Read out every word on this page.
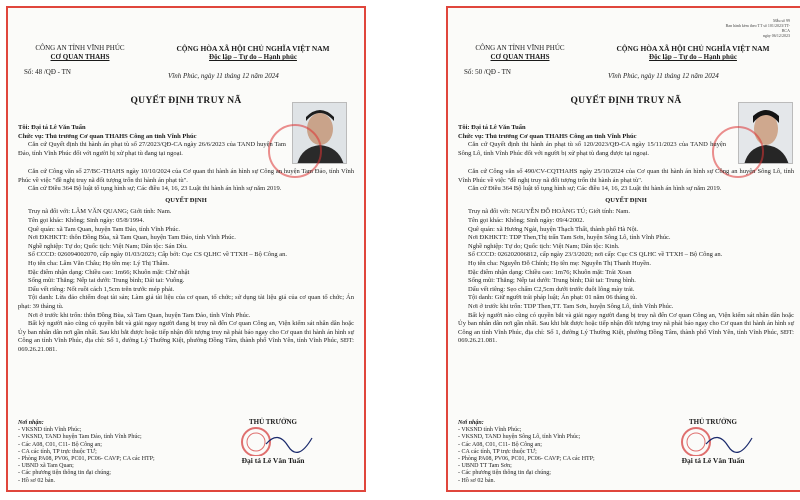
CÔNG AN TỈNH VĨNH PHÚC
CƠ QUAN THAHS
Số: 48 /QĐ - TN
CỘNG HÒA XÃ HỘI CHỦ NGHĨA VIỆT NAM
Độc lập – Tự do – Hạnh phúc
Vĩnh Phúc, ngày 11 tháng 12 năm 2024
QUYẾT ĐỊNH TRUY NÃ

Tôi: Đại tá Lê Văn Tuấn

Chức vụ: Thủ trưởng Cơ quan THAHS Công an tỉnh Vĩnh Phúc

Căn cứ Quyết định thi hành án phạt tù số 27/2023/QĐ-CA ngày 26/6/2023 của TAND huyện Tam Đảo, tỉnh Vĩnh Phúc đối với người bị xử phạt tù đang tại ngoại.

Căn cứ Công văn số 27/BC-THAHS ngày 10/10/2024 của Cơ quan thi hành án hình sự Công an huyện Tam Đảo, tỉnh Vĩnh Phúc về việc "đề nghị truy nã đối tượng trốn thi hành án phạt tù".

Căn cứ Điều 364 Bộ luật tố tụng hình sự; Các điều 14, 16, 23 Luật thi hành án hình sự năm 2019.

QUYẾT ĐỊNH

Truy nã đối với: LÂM VĂN QUANG; Giới tính: Nam.

Tên gọi khác: Không; Sinh ngày: 05/8/1994.

Quê quán: xã Tam Quan, huyện Tam Đảo, tỉnh Vĩnh Phúc.

Nơi ĐKHKTT: thôn Đồng Bùa, xã Tam Quan, huyện Tam Đảo, tỉnh Vĩnh Phúc.

Nghề nghiệp: Tự do; Quốc tịch: Việt Nam; Dân tộc: Sán Dìu.

Số CCCD: 026094002070, cấp ngày 01/03/2023; Cấp bởi: Cục CS QLHC về TTXH – Bộ Công an.

Họ tên cha: Lâm Văn Châu; Họ tên mẹ: Lý Thị Thâm.

Đặc điểm nhận dạng: Chiều cao: 1m66; Khuôn mặt: Chữ nhật

Sống mũi: Thẳng; Nếp tai dưới: Trung bình; Dái tai: Vuông.

Dấu vết riêng: Nốt ruồi cách 1,5cm trên trước mép phải.

Tội danh: Lừa đảo chiếm đoạt tài sản; Làm giả tài liệu của cơ quan, tổ chức; sử dụng tài liệu giả của cơ quan tổ chức; Án phạt: 39 tháng tù.

Nơi ở trước khi trốn: thôn Đồng Bùa, xã Tam Quan, huyện Tam Đảo, tỉnh Vĩnh Phúc.

Bất kỳ người nào cũng có quyền bắt và giải ngay người đang bị truy nã đến Cơ quan Công an, Viện kiểm sát nhân dân hoặc Ủy ban nhân dân nơi gần nhất. Sau khi bắt được hoặc tiếp nhận đối tượng truy nã phải báo ngay cho Cơ quan thi hành án hình sự Công an tỉnh Vĩnh Phúc, địa chỉ: Số 1, đường Lý Thường Kiệt, phường Đồng Tâm, thành phố Vĩnh Yên, tỉnh Vĩnh Phúc, SĐT: 069.26.21.081.

Nơi nhận:
- VKSND tỉnh Vĩnh Phúc;
- VKSND, TAND huyện Tam Đảo, tỉnh Vĩnh Phúc;
- Các A08, C01, C11- Bộ Công an;
- CA các tỉnh, TP trực thuộc TƯ;
- Phòng PA08, PV06, PC01, PC06- CAVP; CA các HTP;
- UBND xã Tam Quan;
- Các phương tiện thông tin đại chúng;
- Hồ sơ 02 bản.
THỦ TRƯỞNG
Đại tá Lê Văn Tuấn
Mẫu số 99
Ban hành kèm theo TT số 101/2023/TT-BCA
ngày 06/12/2023
CÔNG AN TỈNH VĨNH PHÚC
CƠ QUAN THAHS
Số: 50 /QĐ - TN
CỘNG HÒA XÃ HỘI CHỦ NGHĨA VIỆT NAM
Độc lập – Tự do – Hạnh phúc
Vĩnh Phúc, ngày 11 tháng 12 năm 2024
QUYẾT ĐỊNH TRUY NÃ

Tôi: Đại tá Lê Văn Tuấn

Chức vụ: Thủ trưởng Cơ quan THAHS Công an tỉnh Vĩnh Phúc

Căn cứ Quyết định thi hành án phạt tù số 120/2023/QĐ-CA ngày 15/11/2023 của TAND huyện Sông Lô, tỉnh Vĩnh Phúc đối với người bị xử phạt tù đang được tại ngoại.

Căn cứ Công văn số 490/CV-CQTHAHS ngày 25/10/2024 của Cơ quan thi hành án hình sự Công an huyện Sông Lô, tỉnh Vĩnh Phúc về việc "đề nghị truy nã đối tượng trốn thi hành án phạt tù".

Căn cứ Điều 364 Bộ luật tố tụng hình sự; Các điều 14, 16, 23 Luật thi hành án hình sự năm 2019.

QUYẾT ĐỊNH

Truy nã đối với: NGUYỄN ĐỖ HOÀNG TÚ; Giới tính: Nam.

Tên gọi khác: Không; Sinh ngày: 09/4/2002.

Quê quán: xã Hương Ngải, huyện Thạch Thất, thành phố Hà Nội.

Nơi ĐKHKTT: TDP Then,Thị trấn Tam Sơn, huyện Sông Lô, tỉnh Vĩnh Phúc.

Nghề nghiệp: Tự do; Quốc tịch: Việt Nam; Dân tộc: Kinh.

Số CCCD: 026202006812, cấp ngày 23/3/2020; nơi cấp: Cục CS QLHC về TTXH – Bộ Công an.

Họ tên cha: Nguyễn Đỗ Chính; Họ tên mẹ: Nguyễn Thị Thanh Huyền.

Đặc điểm nhận dạng: Chiều cao: 1m76; Khuôn mặt: Trái Xoan

Sống mũi: Thẳng; Nếp tai dưới: Trung bình; Dái tai: Trung bình.

Dấu vết riêng: Sẹo chấm C2,5cm dưới trước đuôi lông mày trái.

Tội danh: Giữ người trái pháp luật; Án phạt: 01 năm 06 tháng tù.

Nơi ở trước khi trốn: TDP Then,TT. Tam Sơn, huyện Sông Lô, tỉnh Vĩnh Phúc.

Bất kỳ người nào cũng có quyền bắt và giải ngay người đang bị truy nã đến Cơ quan Công an, Viện kiểm sát nhân dân hoặc Ủy ban nhân dân nơi gần nhất. Sau khi bắt được hoặc tiếp nhận đối tượng truy nã phải báo ngay cho Cơ quan thi hành án hình sự Công an tỉnh Vĩnh Phúc, địa chỉ: Số 1, đường Lý Thường Kiệt, phường Đồng Tâm, thành phố Vĩnh Yên, tỉnh Vĩnh Phúc, SĐT: 069.26.21.081.

Nơi nhận:
- VKSND tỉnh Vĩnh Phúc;
- VKSND, TAND huyện Sông Lô, tỉnh Vĩnh Phúc;
- Các A08, C01, C11- Bộ Công an;
- CA các tỉnh, TP trực thuộc TƯ;
- Phòng PA08, PV06, PC01, PC06- CAVP; CA các HTP;
- UBND TT Tam Sơn;
- Các phương tiện thông tin đại chúng;
- Hồ sơ 02 bản.
THỦ TRƯỞNG
Đại tá Lê Văn Tuấn
